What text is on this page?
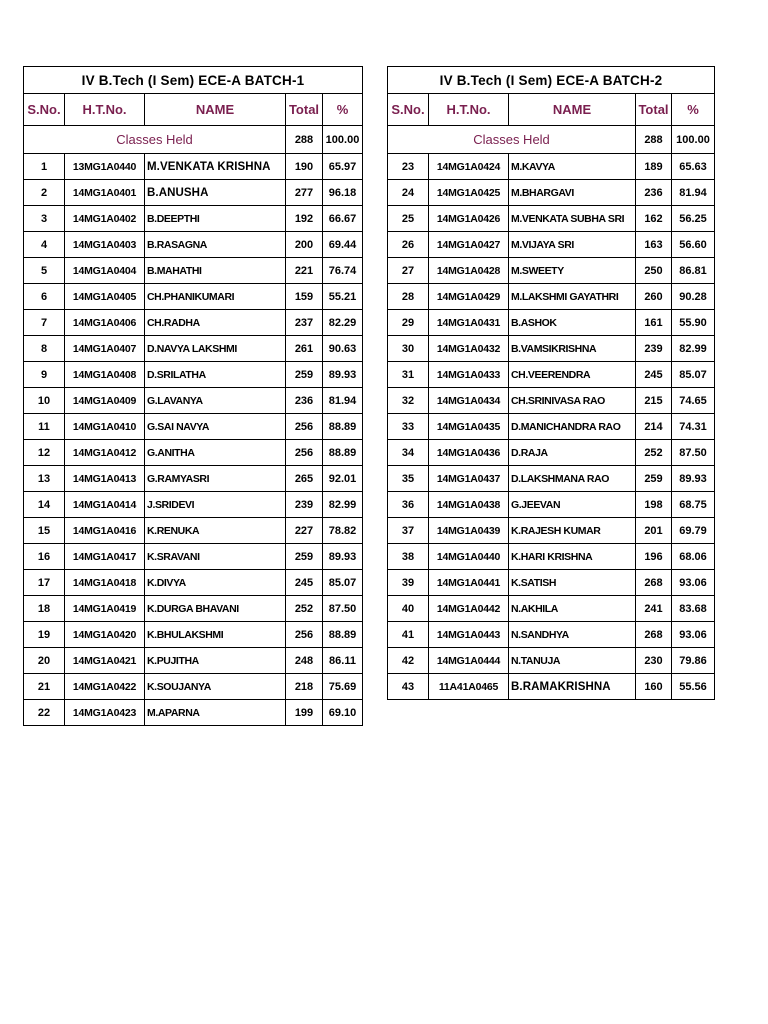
IV B.Tech (I Sem) ECE-A BATCH-1				
S.No.	H.T.No.	NAME	Total	%
Classes Held			288	100.00
1	13MG1A0440	M.VENKATA KRISHNA	190	65.97
2	14MG1A0401	B.ANUSHA	277	96.18
3	14MG1A0402	B.DEEPTHI	192	66.67
4	14MG1A0403	B.RASAGNA	200	69.44
5	14MG1A0404	B.MAHATHI	221	76.74
6	14MG1A0405	CH.PHANIKUMARI	159	55.21
7	14MG1A0406	CH.RADHA	237	82.29
8	14MG1A0407	D.NAVYA LAKSHMI	261	90.63
9	14MG1A0408	D.SRILATHA	259	89.93
10	14MG1A0409	G.LAVANYA	236	81.94
11	14MG1A0410	G.SAI NAVYA	256	88.89
12	14MG1A0412	G.ANITHA	256	88.89
13	14MG1A0413	G.RAMYASRI	265	92.01
14	14MG1A0414	J.SRIDEVI	239	82.99
15	14MG1A0416	K.RENUKA	227	78.82
16	14MG1A0417	K.SRAVANI	259	89.93
17	14MG1A0418	K.DIVYA	245	85.07
18	14MG1A0419	K.DURGA BHAVANI	252	87.50
19	14MG1A0420	K.BHULAKSHMI	256	88.89
20	14MG1A0421	K.PUJITHA	248	86.11
21	14MG1A0422	K.SOUJANYA	218	75.69
22	14MG1A0423	M.APARNA	199	69.10
IV B.Tech (I Sem) ECE-A BATCH-2				
S.No.	H.T.No.	NAME	Total	%
Classes Held			288	100.00
23	14MG1A0424	M.KAVYA	189	65.63
24	14MG1A0425	M.BHARGAVI	236	81.94
25	14MG1A0426	M.VENKATA SUBHA SRI	162	56.25
26	14MG1A0427	M.VIJAYA SRI	163	56.60
27	14MG1A0428	M.SWEETY	250	86.81
28	14MG1A0429	M.LAKSHMI GAYATHRI	260	90.28
29	14MG1A0431	B.ASHOK	161	55.90
30	14MG1A0432	B.VAMSIKRISHNA	239	82.99
31	14MG1A0433	CH.VEERENDRA	245	85.07
32	14MG1A0434	CH.SRINIVASA RAO	215	74.65
33	14MG1A0435	D.MANICHANDRA RAO	214	74.31
34	14MG1A0436	D.RAJA	252	87.50
35	14MG1A0437	D.LAKSHMANA RAO	259	89.93
36	14MG1A0438	G.JEEVAN	198	68.75
37	14MG1A0439	K.RAJESH KUMAR	201	69.79
38	14MG1A0440	K.HARI KRISHNA	196	68.06
39	14MG1A0441	K.SATISH	268	93.06
40	14MG1A0442	N.AKHILA	241	83.68
41	14MG1A0443	N.SANDHYA	268	93.06
42	14MG1A0444	N.TANUJA	230	79.86
43	11A41A0465	B.RAMAKRISHNA	160	55.56
